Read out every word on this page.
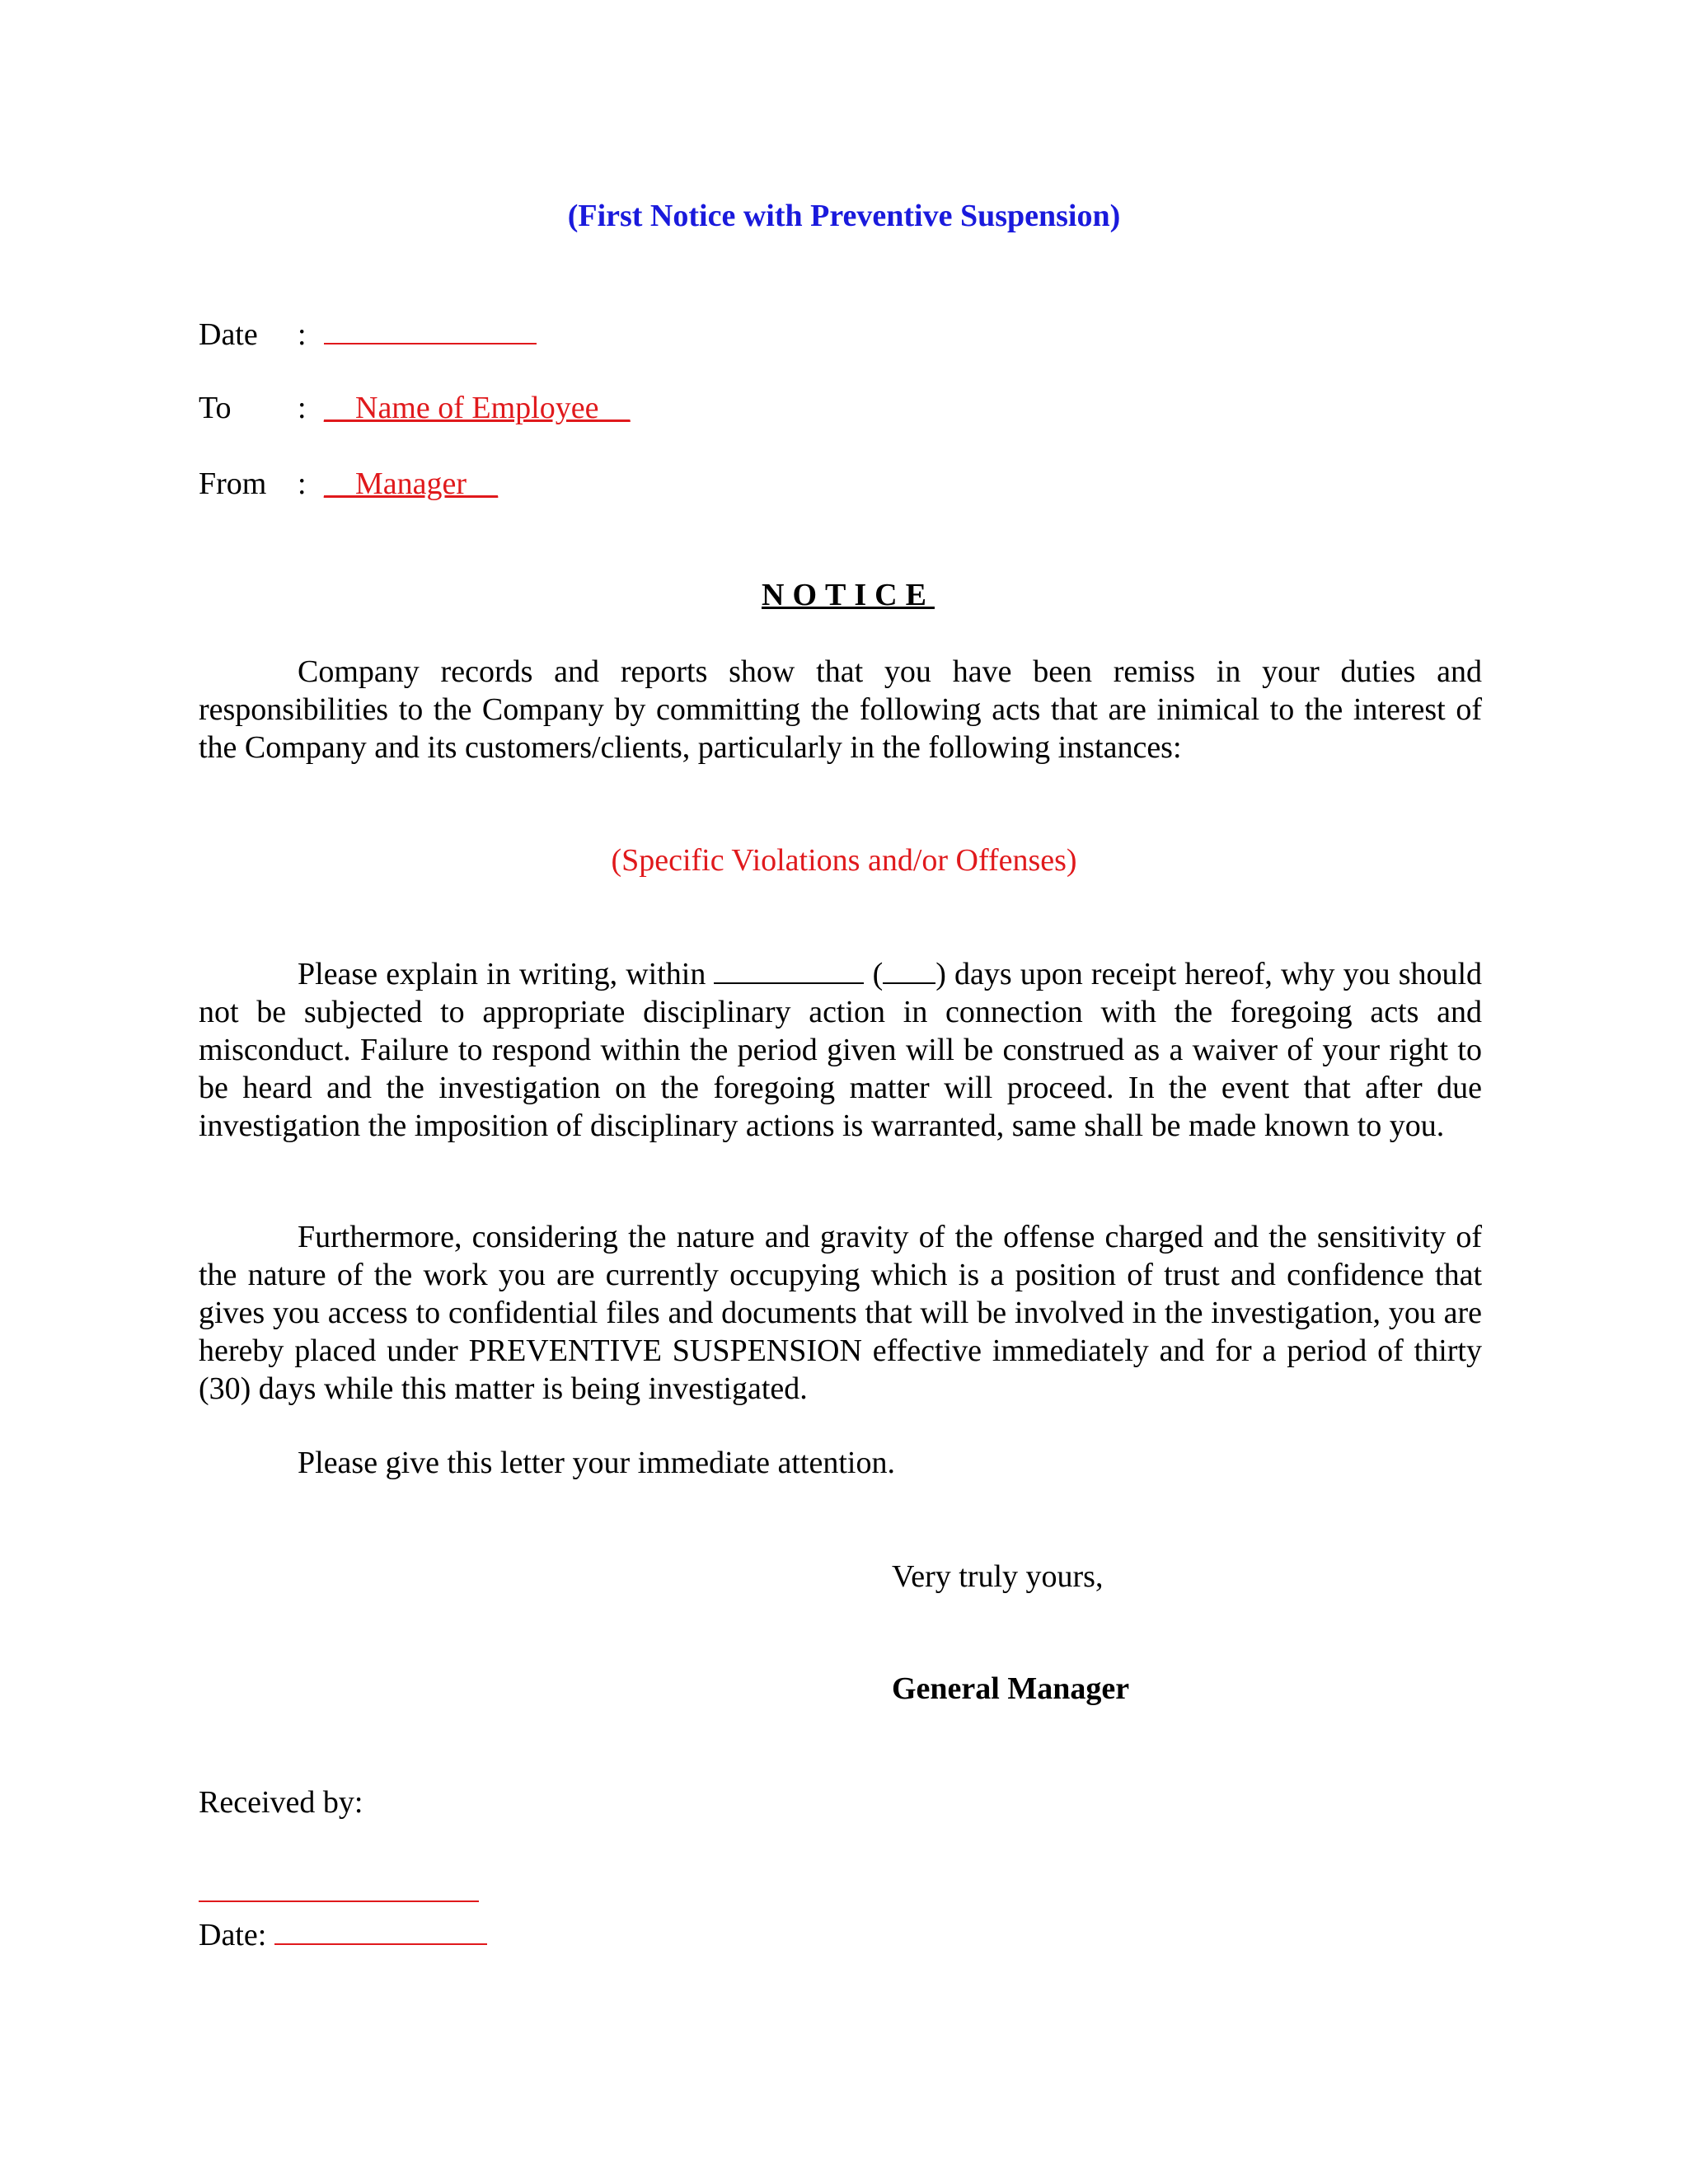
(First Notice with Preventive Suspension)
Date :
To : __Name of Employee__
From : __Manager__
NOTICE

Company records and reports show that you have been remiss in your duties and responsibilities to the Company by committing the following acts that are inimical to the interest of the Company and its customers/clients, particularly in the following instances:

(Specific Violations and/or Offenses)

Please explain in writing, within	( ) days upon receipt hereof, why you should not be subjected to appropriate disciplinary action in connection with the foregoing acts and misconduct. Failure to respond within the period given will be construed as a waiver of your right to be heard and the investigation on the foregoing matter will proceed. In the event that after due investigation the imposition of disciplinary actions is warranted, same shall be made known to you.

Furthermore, considering the nature and gravity of the offense charged and the sensitivity of the nature of the work you are currently occupying which is a position of trust and confidence that gives you access to confidential files and documents that will be involved in the investigation, you are hereby placed under PREVENTIVE SUSPENSION effective immediately and for a period of thirty (30) days while this matter is being investigated.

Please give this letter your immediate attention.

Very truly yours,
General Manager
Received by:
Date:
